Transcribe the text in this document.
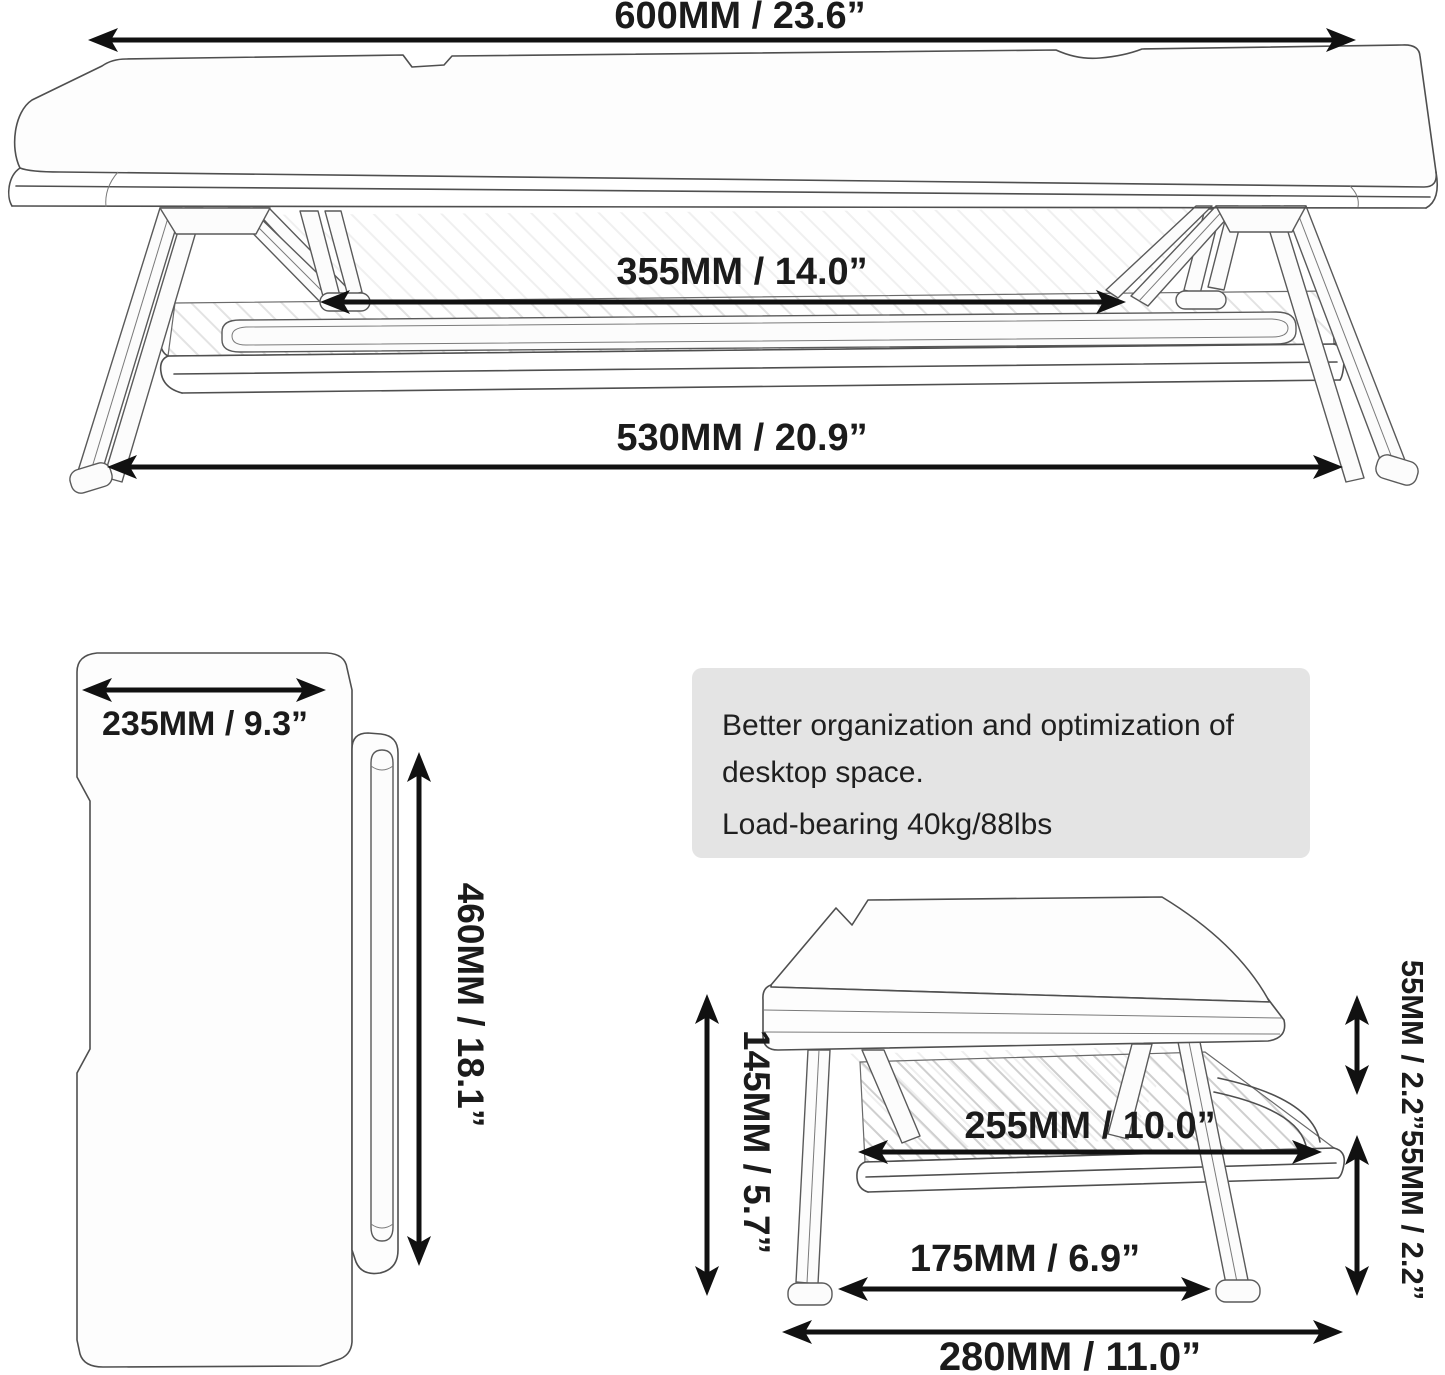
600MM / 23.6”
355MM / 14.0”
530MM / 20.9”
235MM / 9.3”
460MM / 18.1”
Better organization and optimization of
desktop space.
Load-bearing 40kg/88lbs
145MM / 5.7”	255MM / 10.0”	55MM / 2.2”
55MM / 2.2”
175MM / 6.9”
280MM / 11.0”
